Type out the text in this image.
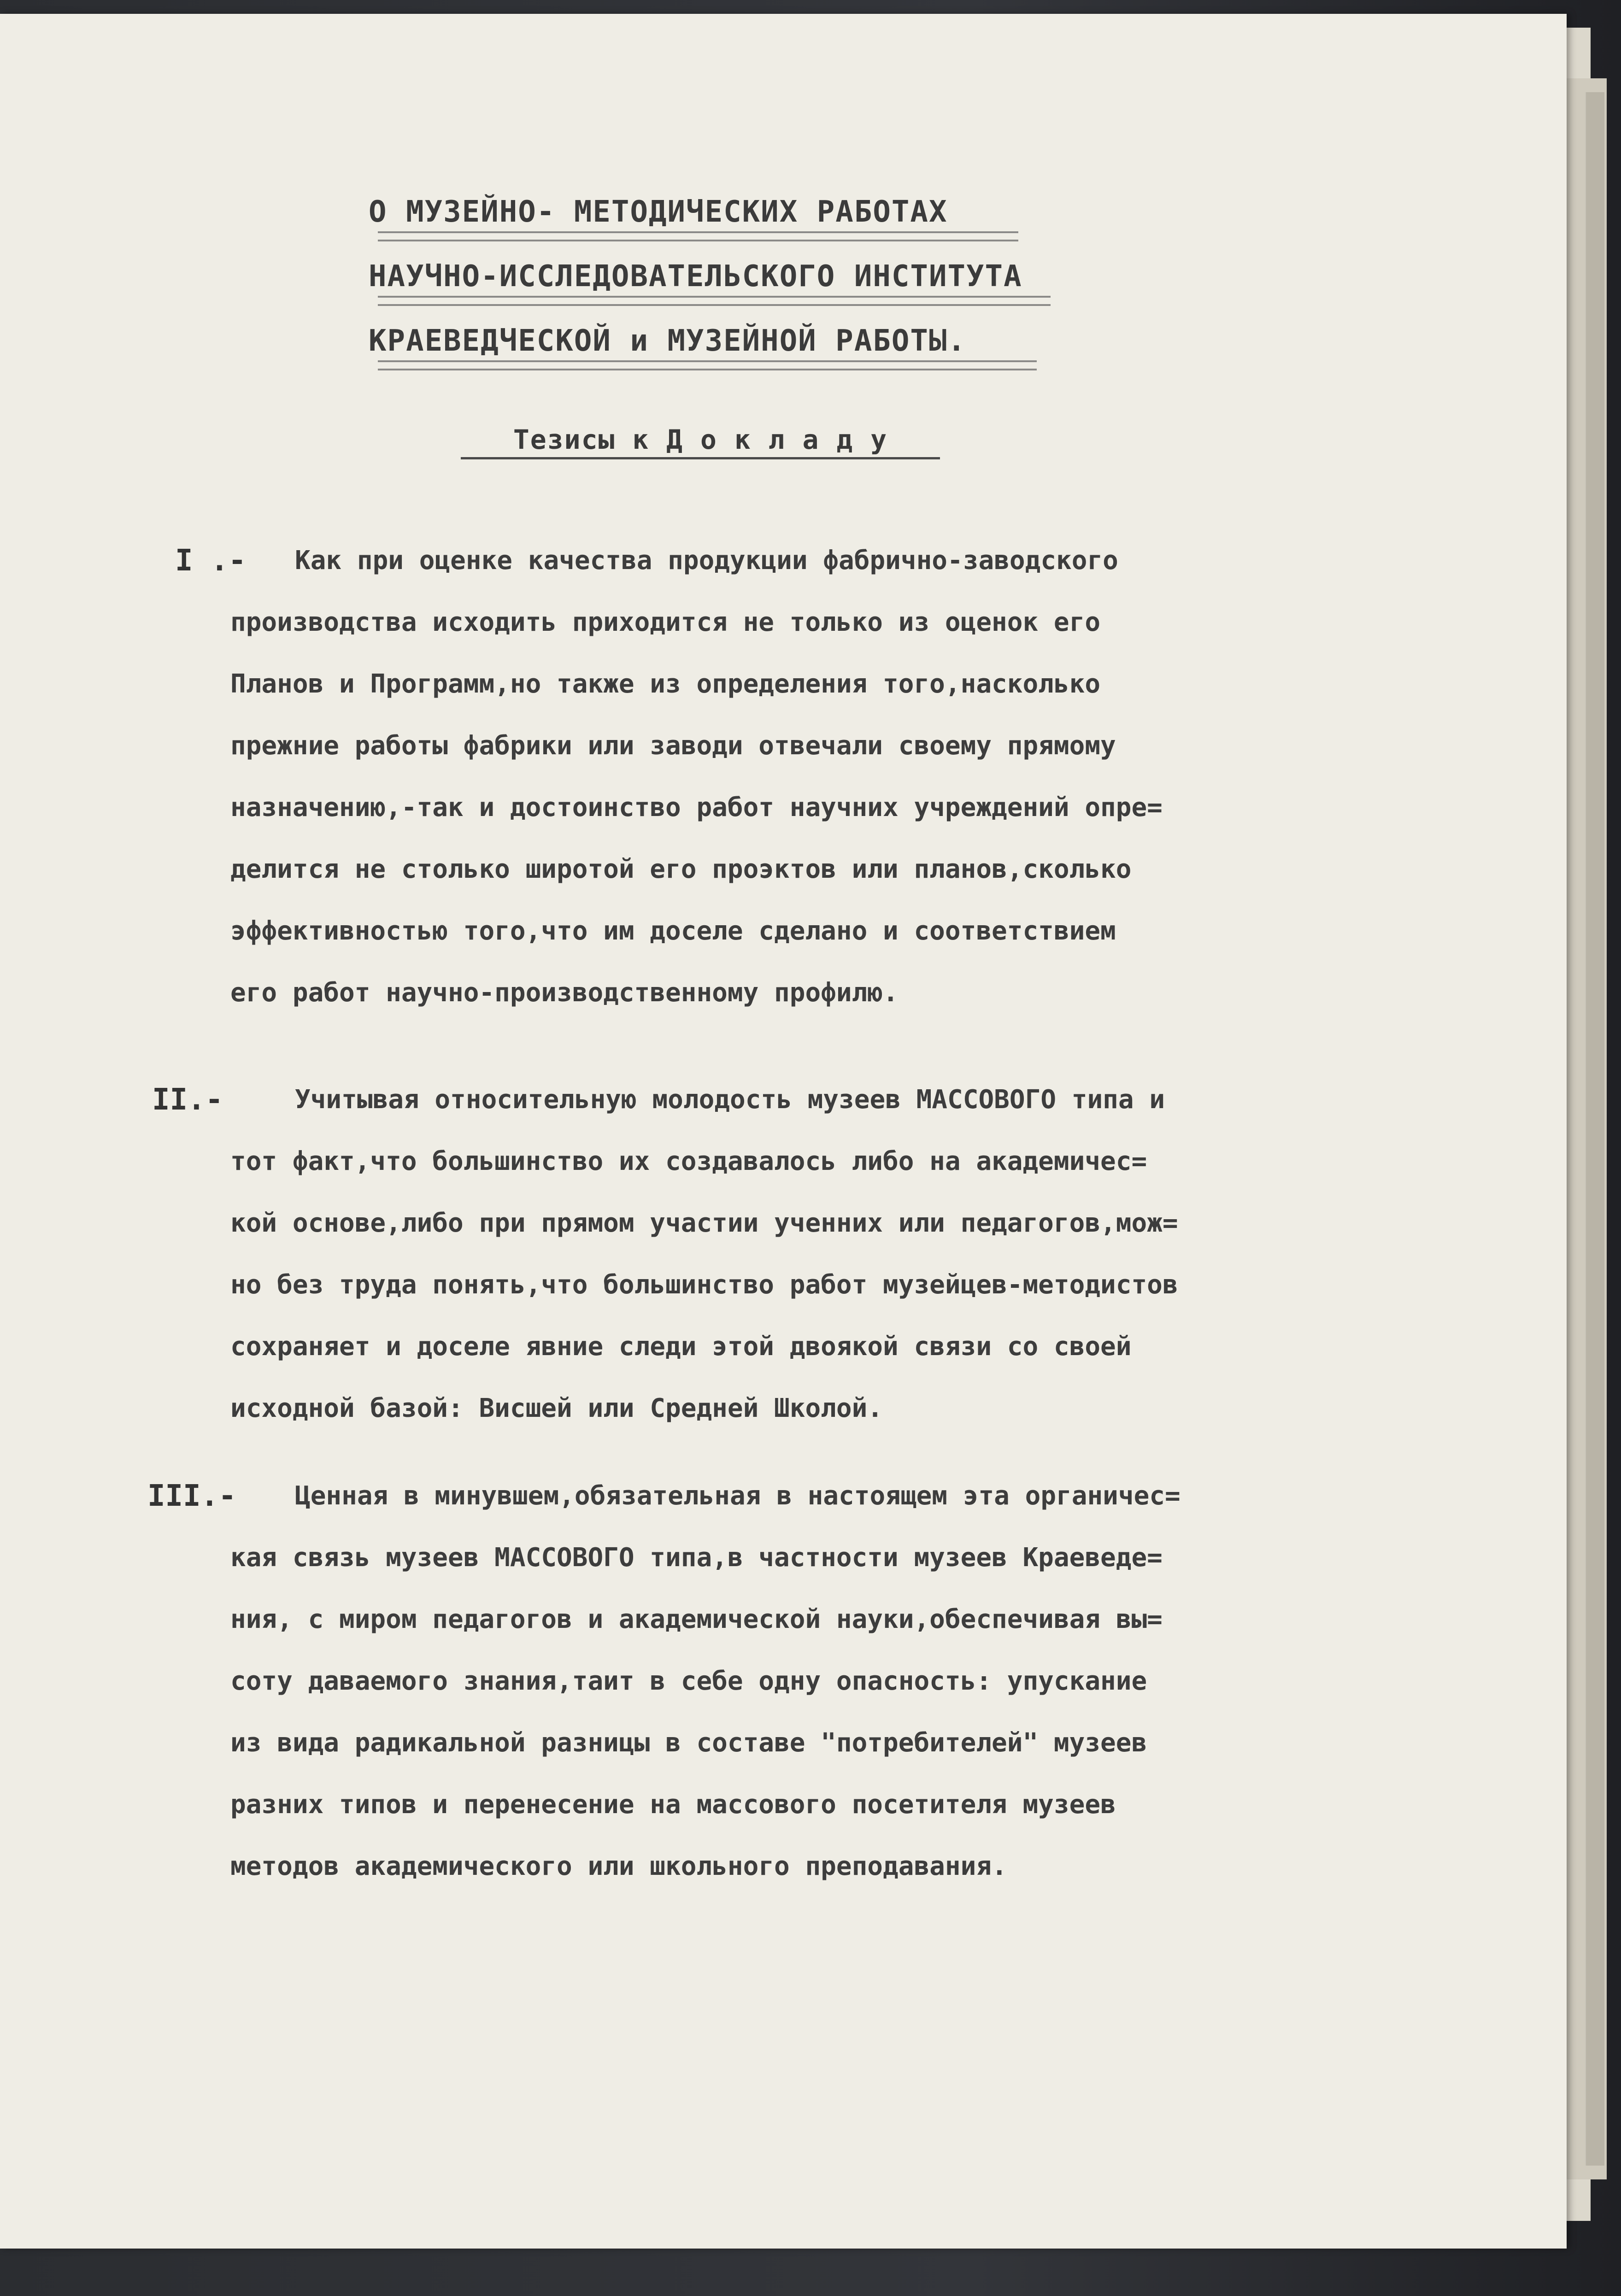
О МУЗЕЙНО- МЕТОДИЧЕСКИХ РАБОТАХ
НАУЧНО-ИССЛЕДОВАТЕЛЬСКОГО ИНСТИТУТА
КРАЕВЕДЧЕСКОЙ и МУЗЕЙНОЙ РАБОТЫ.
Тезисы к Д о к л а д у
I .- Как при оценке качества продукции фабрично-заводского
производства исходить приходится не только из оценок его
Планов и Программ,но также из определения того,насколько
прежние работы фабрики или заводи отвечали своему прямому
назначению,-так и достоинство работ научних учреждений опре=
делится не столько широтой его проэктов или планов,сколько
эффективностью того,что им доселе сделано и соответствием
его работ научно-производственному профилю.
II.-	Учитывая относительную молодость музеев МАССОВОГО типа и
тот факт,что большинство их создавалось либо на академичес=
кой основе,либо при прямом участии ученних или педагогов,мож=
но без труда понять,что большинство работ музейцев-методистов
сохраняет и доселе явние следи этой двоякой связи со своей
исходной базой: Висшей или Средней Школой.
III.- Ценная в минувшем,обязательная в настоящем эта органичес=
кая связь музеев МАССОВОГО типа,в частности музеев Краеведе=
ния, с миром педагогов и академической науки,обеспечивая вы=
соту даваемого знания,таит в себе одну опасность: упускание
из вида радикальной разницы в составе "потребителей" музеев
разних типов и перенесение на массового посетителя музеев
методов академического или школьного преподавания.
